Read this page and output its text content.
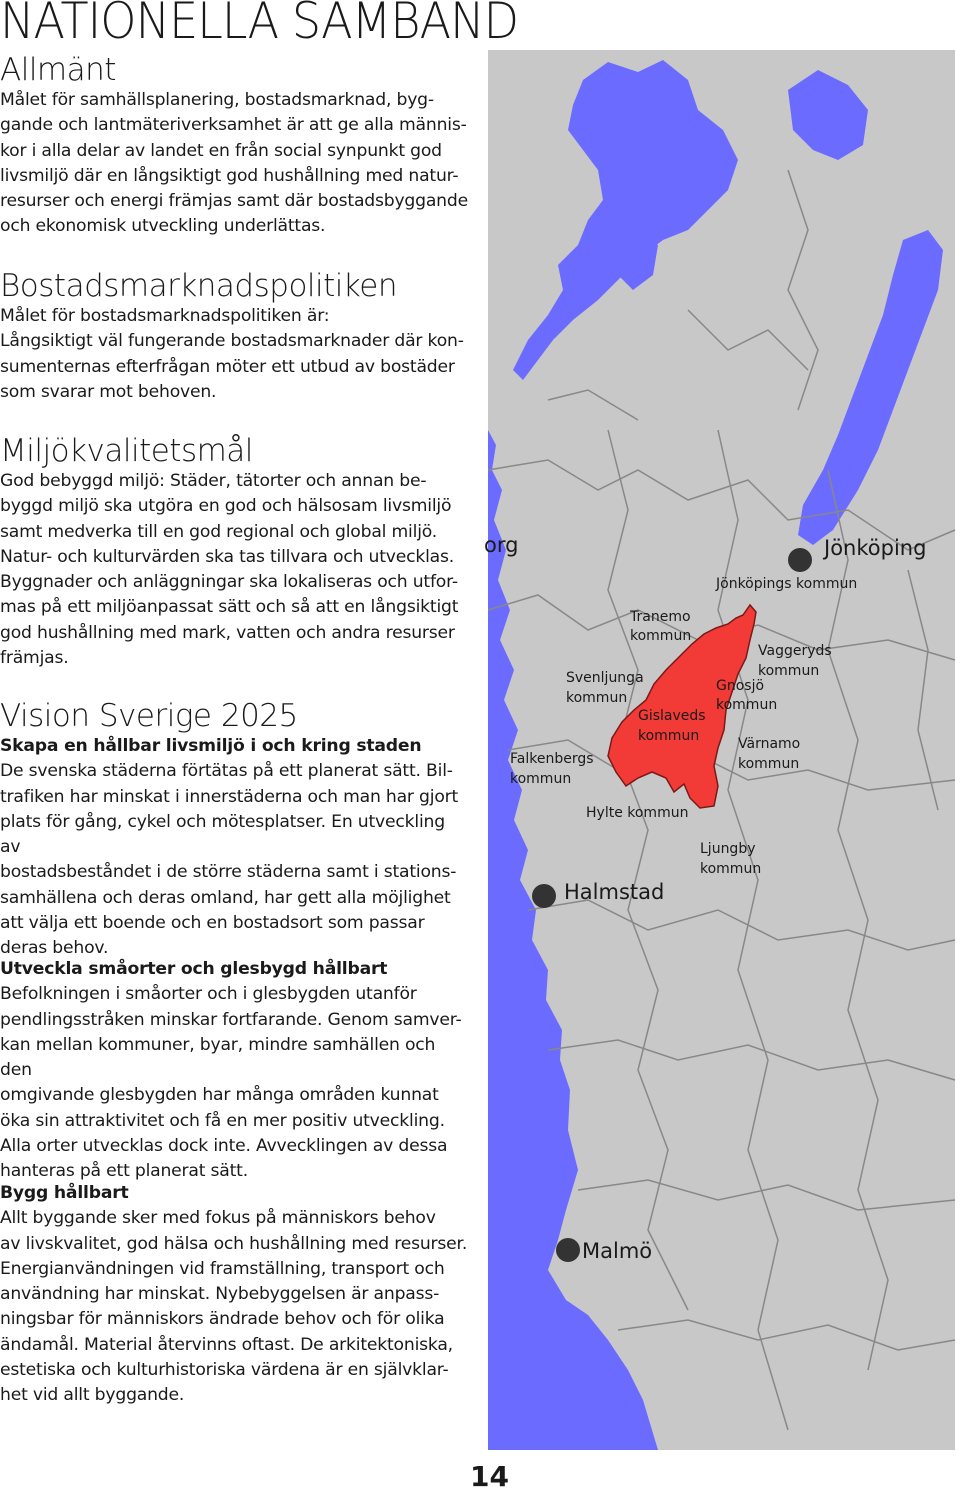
NATIONELLA SAMBAND
Allmänt

Målet för samhällsplanering, bostadsmarknad, byg-
gande och lantmäteriverksamhet är att ge alla männis-
kor i alla delar av landet en från social synpunkt god
livsmiljö där en långsiktigt god hushållning med natur-
resurser och energi främjas samt där bostadsbyggande
och ekonomisk utveckling underlättas.

Bostadsmarknadspolitiken

Målet för bostadsmarknadspolitiken är:
Långsiktigt väl fungerande bostadsmarknader där kon-
sumenternas efterfrågan möter ett utbud av bostäder
som svarar mot behoven.

Miljökvalitetsmål

God bebyggd miljö: Städer, tätorter och annan be-
byggd miljö ska utgöra en god och hälsosam livsmiljö
samt medverka till en god regional och global miljö.
Natur- och kulturvärden ska tas tillvara och utvecklas.
Byggnader och anläggningar ska lokaliseras och utfor-
mas på ett miljöanpassat sätt och så att en långsiktigt
god hushållning med mark, vatten och andra resurser
främjas.

Vision Sverige 2025
Skapa en hållbar livsmiljö i och kring staden

De svenska städerna förtätas på ett planerat sätt. Bil-
trafiken har minskat i innerstäderna och man har gjort
plats för gång, cykel och mötesplatser. En utveckling av
bostadsbeståndet i de större städerna samt i stations-
samhällena och deras omland, har gett alla möjlighet
att välja ett boende och en bostadsort som passar
deras behov.

Utveckla småorter och glesbygd hållbart

Befolkningen i småorter och i glesbygden utanför
pendlingsstråken minskar fortfarande. Genom samver-
kan mellan kommuner, byar, mindre samhällen och den
omgivande glesbygden har många områden kunnat
öka sin attraktivitet och få en mer positiv utveckling.
Alla orter utvecklas dock inte. Avvecklingen av dessa
hanteras på ett planerat sätt.

Bygg hållbart

Allt byggande sker med fokus på människors behov
av livskvalitet, god hälsa och hushållning med resurser.
Energianvändningen vid framställning, transport och
användning har minskat. Nybebyggelsen är anpass-
ningsbar för människors ändrade behov och för olika
ändamål. Material återvinns oftast. De arkitektoniska,
estetiska och kulturhistoriska värdena är en självklar-
het vid allt byggande.

Jönköping
Halmstad
Malmö
org
Jönköpings kommun
Tranemo
kommun
Vaggeryds
kommun
Svenljunga
kommun
Gnosjö
kommun
Gislaveds
kommun	Värnamo
kommun
Falkenbergs
kommun
Hylte kommun
Ljungby
kommun
14
